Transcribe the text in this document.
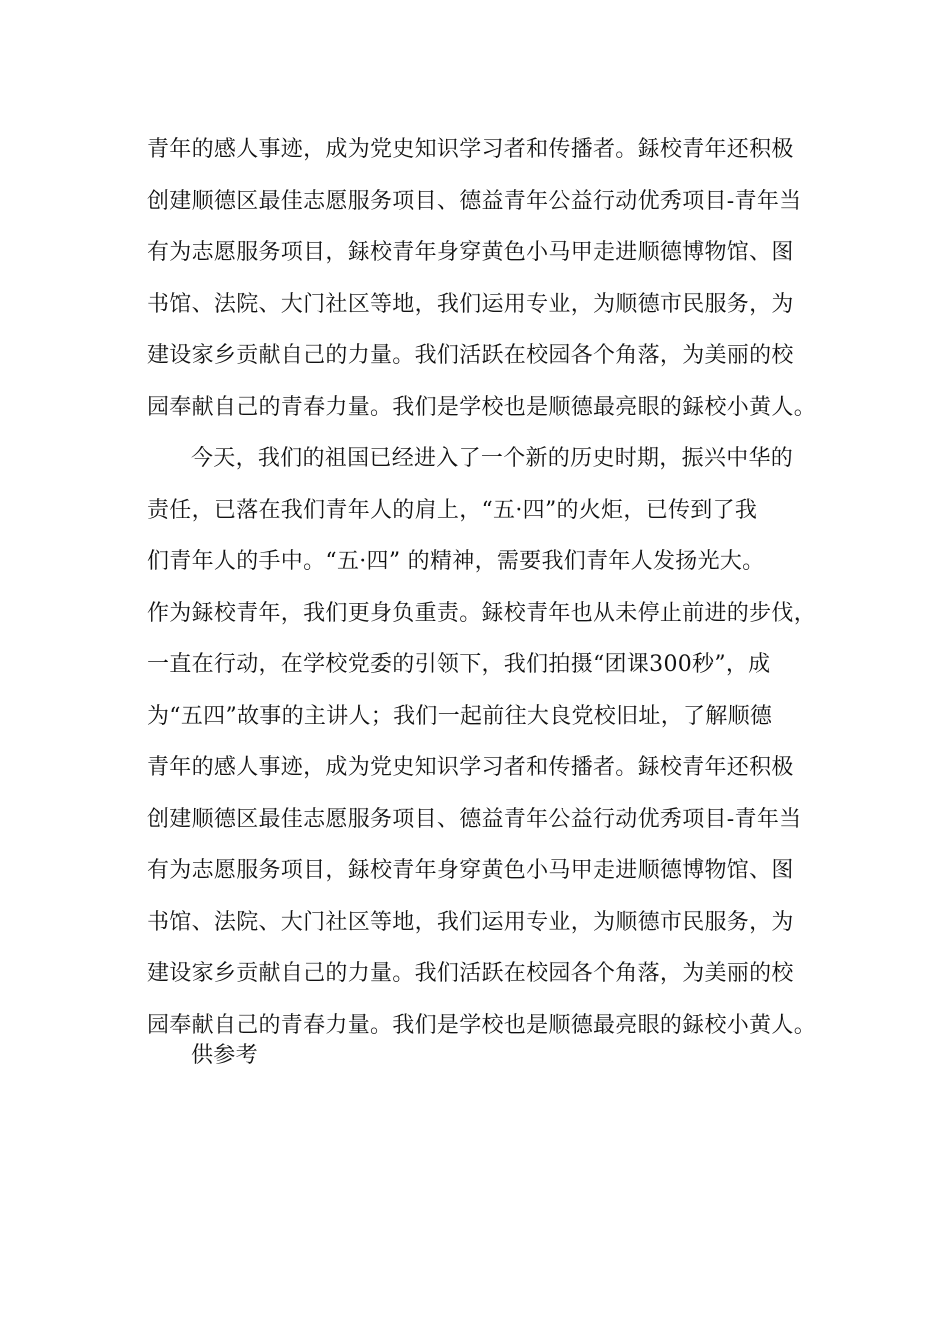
青年的感人事迹，成为党史知识学习者和传播者。銾校青年还积极
创建顺德区最佳志愿服务项目、德益青年公益行动优秀项目-青年当
有为志愿服务项目，銾校青年身穿黄色小马甲走进顺德博物馆、图
书馆、法院、大门社区等地，我们运用专业，为顺德市民服务，为
建设家乡贡献自己的力量。我们活跃在校园各个角落，为美丽的校
园奉献自己的青春力量。我们是学校也是顺德最亮眼的銾校小黄人。
今天，我们的祖国已经进入了一个新的历史时期，振兴中华的
责任，已落在我们青年人的肩上，“五·四”的火炬，已传到了我
们青年人的手中。“五·四” 的精神，需要我们青年人发扬光大。
作为銾校青年，我们更身负重责。銾校青年也从未停止前进的步伐，
一直在行动，在学校党委的引领下，我们拍摄“团课300秒”，成
为“五四”故事的主讲人；我们一起前往大良党校旧址，了解顺德
青年的感人事迹，成为党史知识学习者和传播者。銾校青年还积极
创建顺德区最佳志愿服务项目、德益青年公益行动优秀项目-青年当
有为志愿服务项目，銾校青年身穿黄色小马甲走进顺德博物馆、图
书馆、法院、大门社区等地，我们运用专业，为顺德市民服务，为
建设家乡贡献自己的力量。我们活跃在校园各个角落，为美丽的校
园奉献自己的青春力量。我们是学校也是顺德最亮眼的銾校小黄人。
供参考
